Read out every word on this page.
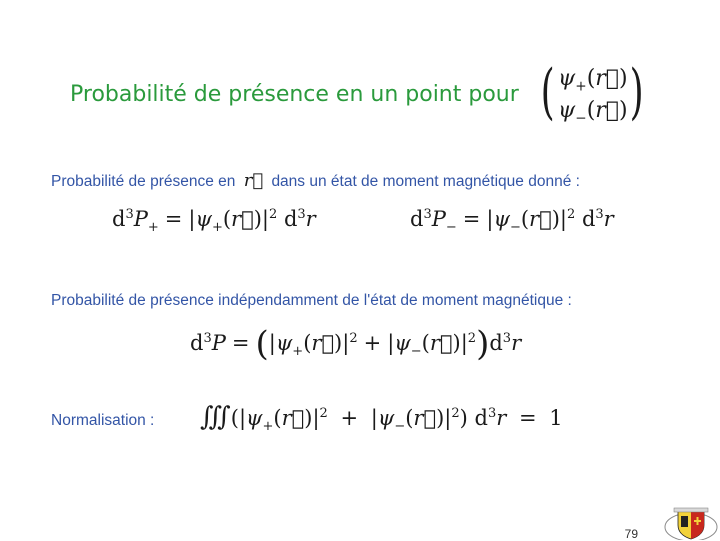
Probabilité de présence en un point pour ( $\psi_+(r⃗)$
$\psi_-(r⃗)$ )
Probabilité de présence en r⃗ dans un état de moment magnétique donné :
$d^3P_+$ = $|\psi_+(r⃗)|^2$ $d^3r$	$d^3P_-$ = $|\psi_-(r⃗)|^2$ $d^3r$
Probabilité de présence indépendamment de l'état de moment magnétique :
$d^3P$ = ($|\psi_+(r⃗)|^2$ + $|\psi_-(r⃗)|^2)d^3r$
Normalisation : $∭(|\psi_+(r⃗)|^2$ + $|\psi_-(r⃗)|^2$) $d^3r = 1$
79
